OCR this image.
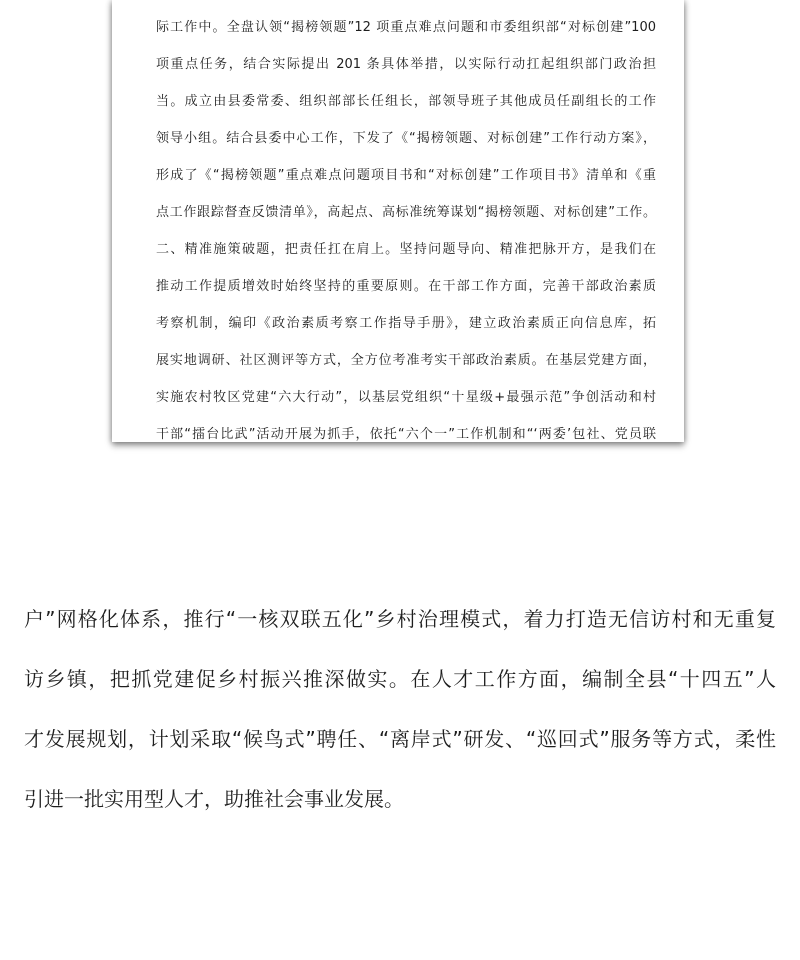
际工作中。全盘认领“揭榜领题”12 项重点难点问题和市委组织部“对标创建”100
项重点任务，结合实际提出 201 条具体举措，以实际行动扛起组织部门政治担
当。成立由县委常委、组织部部长任组长，部领导班子其他成员任副组长的工作
领导小组。结合县委中心工作，下发了《“揭榜领题、对标创建”工作行动方案》，
形成了《“揭榜领题”重点难点问题项目书和“对标创建”工作项目书》清单和《重
点工作跟踪督查反馈清单》，高起点、高标准统筹谋划“揭榜领题、对标创建”工作。
二、精准施策破题，把责任扛在肩上。坚持问题导向、精准把脉开方，是我们在
推动工作提质增效时始终坚持的重要原则。在干部工作方面，完善干部政治素质
考察机制，编印《政治素质考察工作指导手册》，建立政治素质正向信息库，拓
展实地调研、社区测评等方式，全方位考准考实干部政治素质。在基层党建方面，
实施农村牧区党建“六大行动”，以基层党组织“十星级+最强示范”争创活动和村
干部“擂台比武”活动开展为抓手，依托“六个一”工作机制和“‘两委’包社、党员联
户”网格化体系，推行“一核双联五化”乡村治理模式，着力打造无信访村和无重复
访乡镇，把抓党建促乡村振兴推深做实。在人才工作方面，编制全县“十四五”人
才发展规划，计划采取“候鸟式”聘任、“离岸式”研发、“巡回式”服务等方式，柔性
引进一批实用型人才，助推社会事业发展。
